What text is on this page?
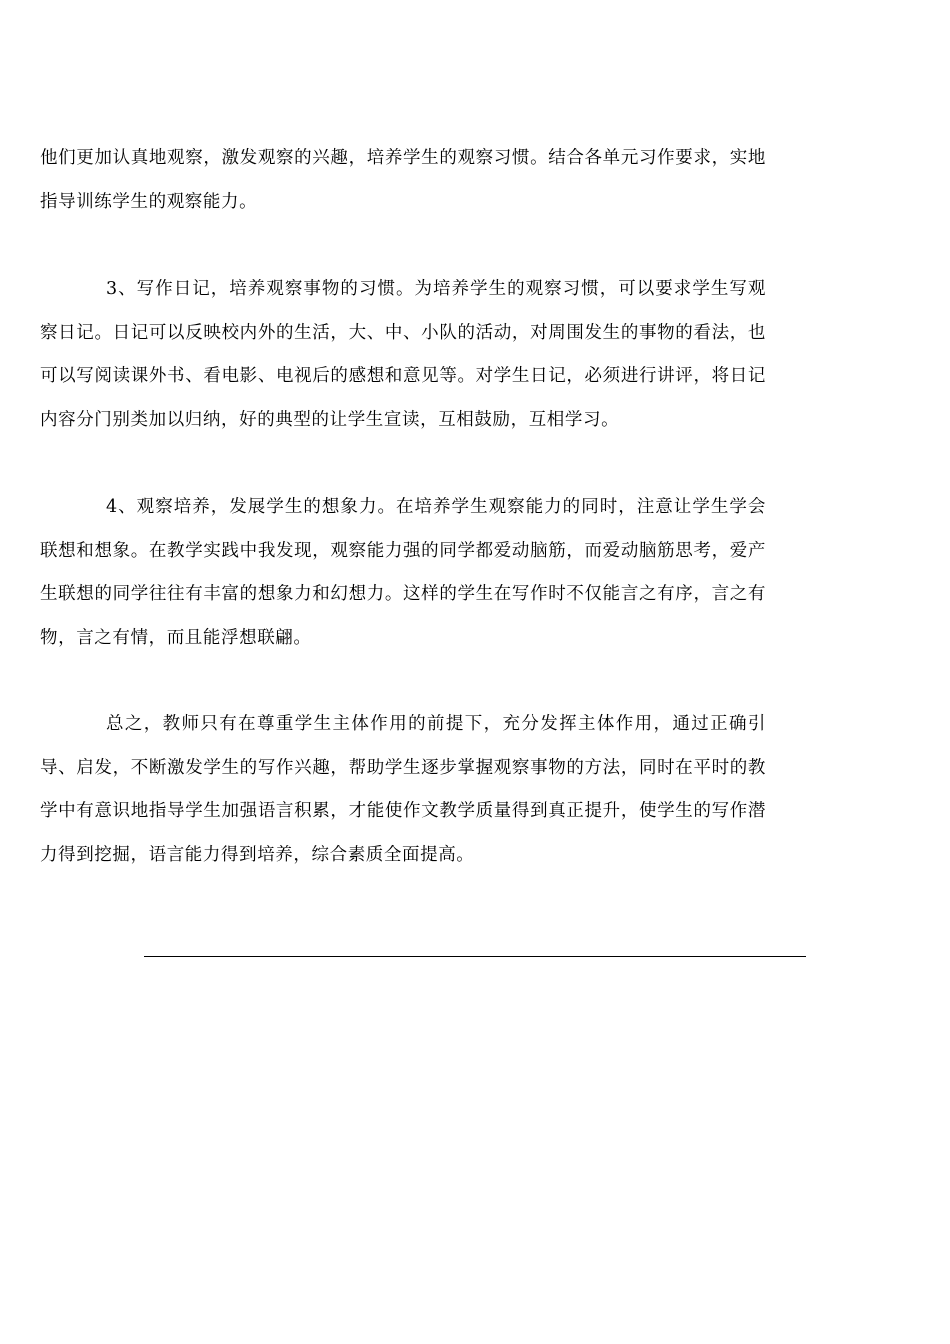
他们更加认真地观察，激发观察的兴趣，培养学生的观察习惯。结合各单元习作要求，实地指导训练学生的观察能力。

3、写作日记，培养观察事物的习惯。为培养学生的观察习惯，可以要求学生写观察日记。日记可以反映校内外的生活，大、中、小队的活动，对周围发生的事物的看法，也可以写阅读课外书、看电影、电视后的感想和意见等。对学生日记，必须进行讲评，将日记内容分门别类加以归纳，好的典型的让学生宣读，互相鼓励，互相学习。

4、观察培养，发展学生的想象力。在培养学生观察能力的同时，注意让学生学会联想和想象。在教学实践中我发现，观察能力强的同学都爱动脑筋，而爱动脑筋思考，爱产生联想的同学往往有丰富的想象力和幻想力。这样的学生在写作时不仅能言之有序，言之有物，言之有情，而且能浮想联翩。

总之，教师只有在尊重学生主体作用的前提下，充分发挥主体作用，通过正确引导、启发，不断激发学生的写作兴趣，帮助学生逐步掌握观察事物的方法，同时在平时的教学中有意识地指导学生加强语言积累，才能使作文教学质量得到真正提升，使学生的写作潜力得到挖掘，语言能力得到培养，综合素质全面提高。
